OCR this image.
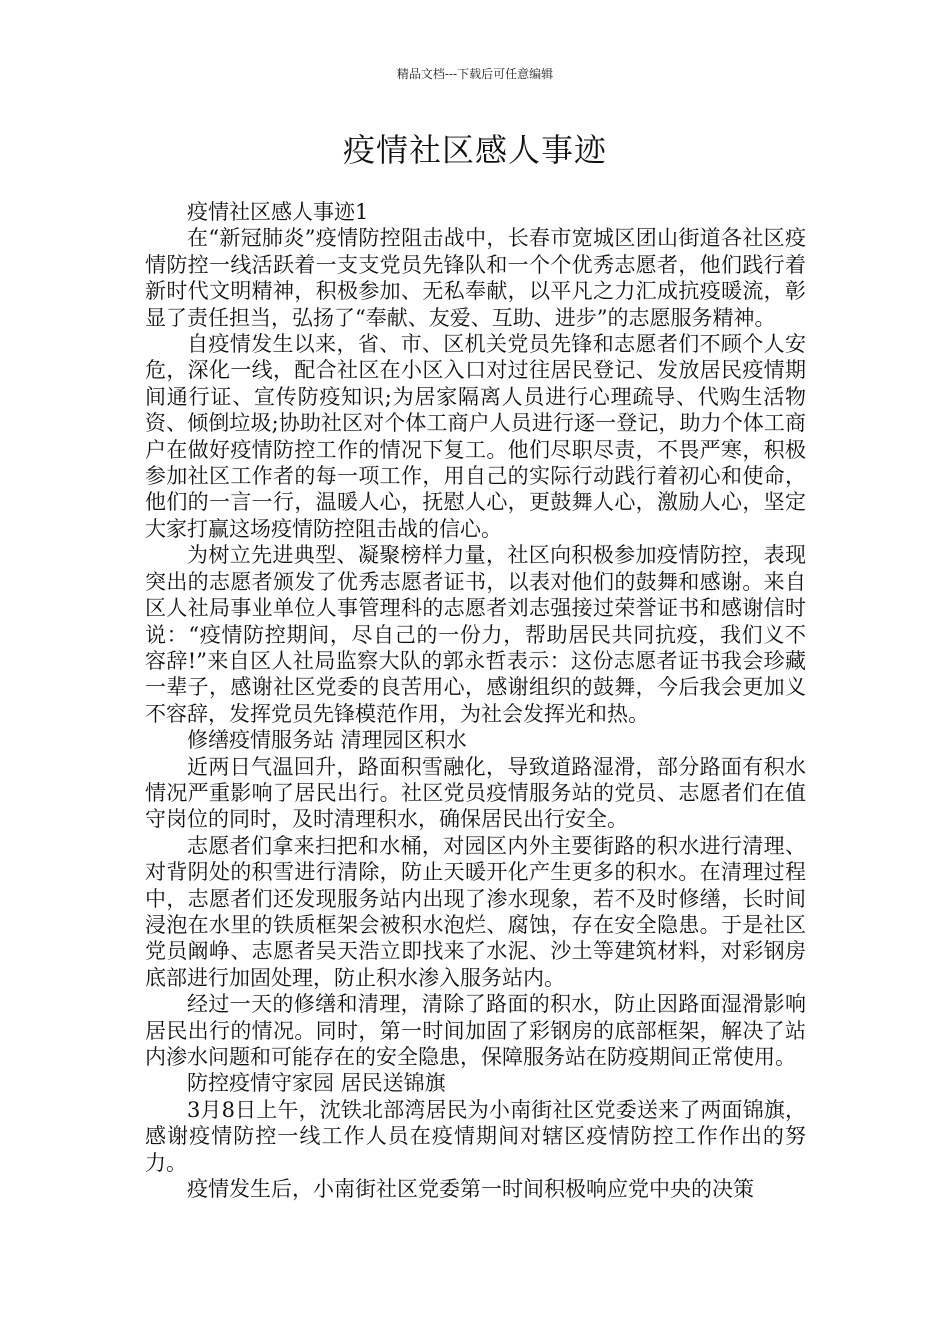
精品文档---下载后可任意编辑
疫情社区感人事迹

疫情社区感人事迹1

在“新冠肺炎”疫情防控阻击战中，长春市宽城区团山街道各社区疫情防控一线活跃着一支支党员先锋队和一个个优秀志愿者，他们践行着新时代文明精神，积极参加、无私奉献，以平凡之力汇成抗疫暖流，彰显了责任担当，弘扬了“奉献、友爱、互助、进步”的志愿服务精神。

自疫情发生以来，省、市、区机关党员先锋和志愿者们不顾个人安危，深化一线，配合社区在小区入口对过往居民登记、发放居民疫情期间通行证、宣传防疫知识;为居家隔离人员进行心理疏导、代购生活物资、倾倒垃圾;协助社区对个体工商户人员进行逐一登记，助力个体工商户在做好疫情防控工作的情况下复工。他们尽职尽责，不畏严寒，积极参加社区工作者的每一项工作，用自己的实际行动践行着初心和使命，他们的一言一行，温暖人心，抚慰人心，更鼓舞人心，激励人心，坚定大家打赢这场疫情防控阻击战的信心。

为树立先进典型、凝聚榜样力量，社区向积极参加疫情防控，表现突出的志愿者颁发了优秀志愿者证书，以表对他们的鼓舞和感谢。来自区人社局事业单位人事管理科的志愿者刘志强接过荣誉证书和感谢信时说：“疫情防控期间，尽自己的一份力，帮助居民共同抗疫，我们义不容辞!”来自区人社局监察大队的郭永哲表示：这份志愿者证书我会珍藏一辈子，感谢社区党委的良苦用心，感谢组织的鼓舞，今后我会更加义不容辞，发挥党员先锋模范作用，为社会发挥光和热。

修缮疫情服务站 清理园区积水

近两日气温回升，路面积雪融化，导致道路湿滑，部分路面有积水情况严重影响了居民出行。社区党员疫情服务站的党员、志愿者们在值守岗位的同时，及时清理积水，确保居民出行安全。

志愿者们拿来扫把和水桶，对园区内外主要街路的积水进行清理、对背阴处的积雪进行清除，防止天暖开化产生更多的积水。在清理过程中，志愿者们还发现服务站内出现了渗水现象，若不及时修缮，长时间浸泡在水里的铁质框架会被积水泡烂、腐蚀，存在安全隐患。于是社区党员阚峥、志愿者吴天浩立即找来了水泥、沙土等建筑材料，对彩钢房底部进行加固处理，防止积水渗入服务站内。

经过一天的修缮和清理，清除了路面的积水，防止因路面湿滑影响居民出行的情况。同时，第一时间加固了彩钢房的底部框架，解决了站内渗水问题和可能存在的安全隐患，保障服务站在防疫期间正常使用。

防控疫情守家园 居民送锦旗

3月8日上午，沈铁北部湾居民为小南街社区党委送来了两面锦旗，感谢疫情防控一线工作人员在疫情期间对辖区疫情防控工作作出的努力。

疫情发生后，小南街社区党委第一时间积极响应党中央的决策
